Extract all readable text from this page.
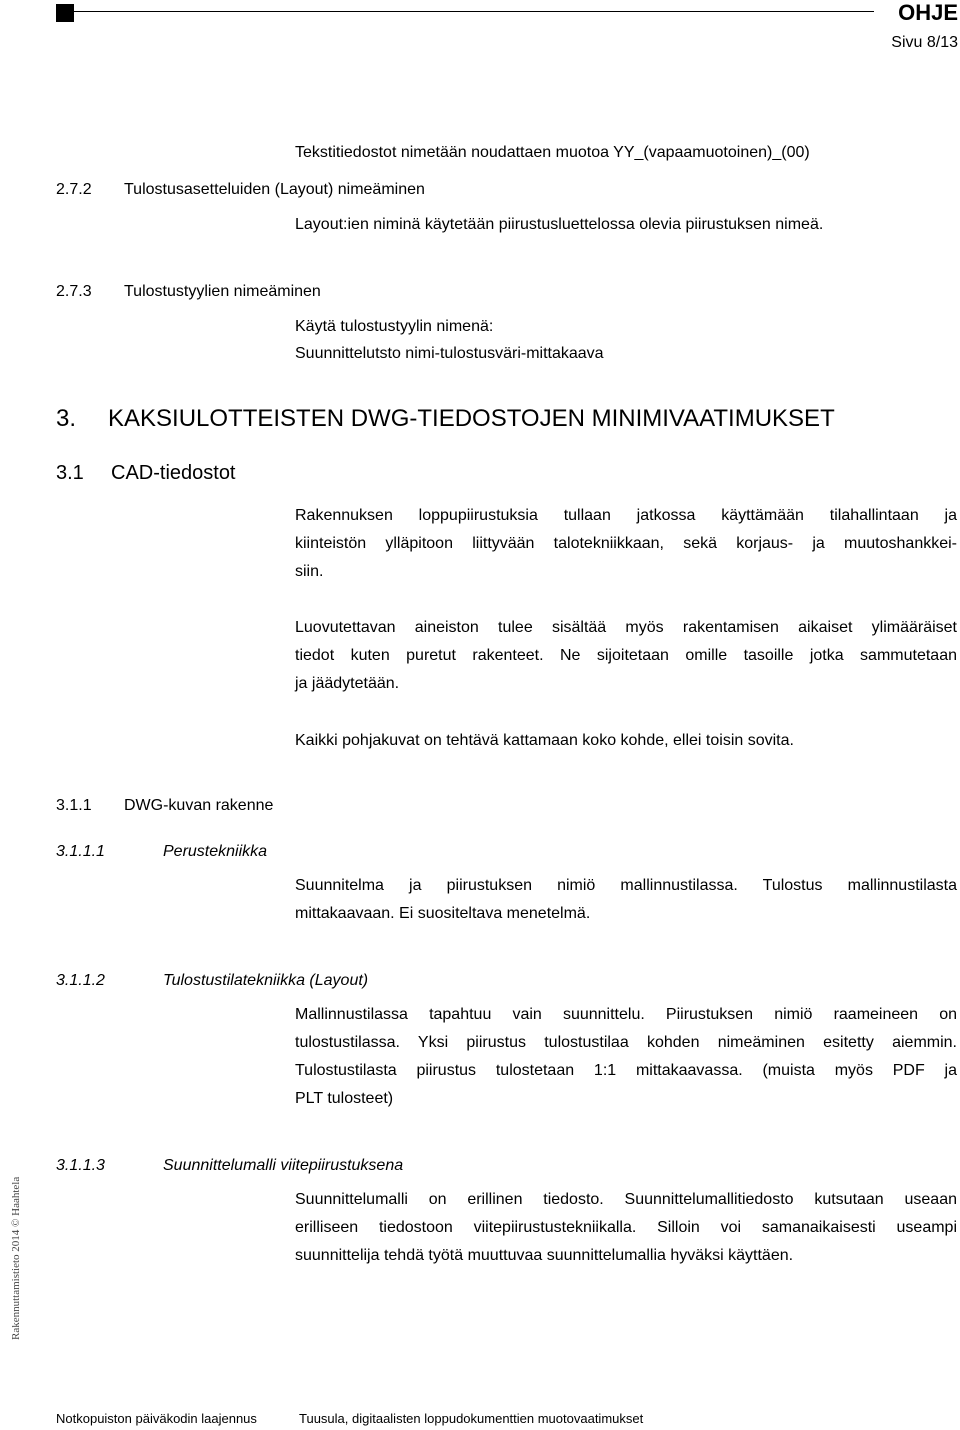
OHJE
Sivu 8/13
Tekstitiedostot nimetään noudattaen muotoa YY_(vapaamuotoinen)_(00)
2.7.2 Tulostusasetteluiden (Layout) nimeäminen
Layout:ien niminä käytetään piirustusluettelossa olevia piirustuksen nimeä.
2.7.3 Tulostustyylien nimeäminen
Käytä tulostustyylin nimenä:
Suunnittelutsto nimi-tulostusväri-mittakaava
3. KAKSIULOTTEISTEN DWG-TIEDOSTOJEN MINIMIVAATIMUKSET
3.1 CAD-tiedostot
Rakennuksen loppupiirustuksia tullaan jatkossa käyttämään tilahallintaan ja
kiinteistön ylläpitoon liittyvään talotekniikkaan, sekä korjaus- ja muutoshankkei-
siin.
Luovutettavan aineiston tulee sisältää myös rakentamisen aikaiset ylimääräiset
tiedot kuten puretut rakenteet. Ne sijoitetaan omille tasoille jotka sammutetaan
ja jäädytetään.
Kaikki pohjakuvat on tehtävä kattamaan koko kohde, ellei toisin sovita.
3.1.1 DWG-kuvan rakenne
3.1.1.1	Perustekniikka
Suunnitelma ja piirustuksen nimiö mallinnustilassa. Tulostus mallinnustilasta
mittakaavaan. Ei suositeltava menetelmä.
3.1.1.2	Tulostustilatekniikka (Layout)
Mallinnustilassa tapahtuu vain suunnittelu. Piirustuksen nimiö raameineen on
tulostustilassa. Yksi piirustus tulostustilaa kohden nimeäminen esitetty aiemmin.
Tulostustilasta piirustus tulostetaan 1:1 mittakaavassa. (muista myös PDF ja
PLT tulosteet)
3.1.1.3	Suunnittelumalli viitepiirustuksena
Suunnittelumalli on erillinen tiedosto. Suunnittelumallitiedosto kutsutaan useaan
erilliseen tiedostoon viitepiirustustekniikalla. Silloin voi samanaikaisesti useampi
suunnittelija tehdä työtä muuttuvaa suunnittelumallia hyväksi käyttäen.
Rakennuttamistieto 2014 © Haahtela
Notkopuiston päiväkodin laajennus	Tuusula, digitaalisten loppudokumenttien muotovaatimukset
